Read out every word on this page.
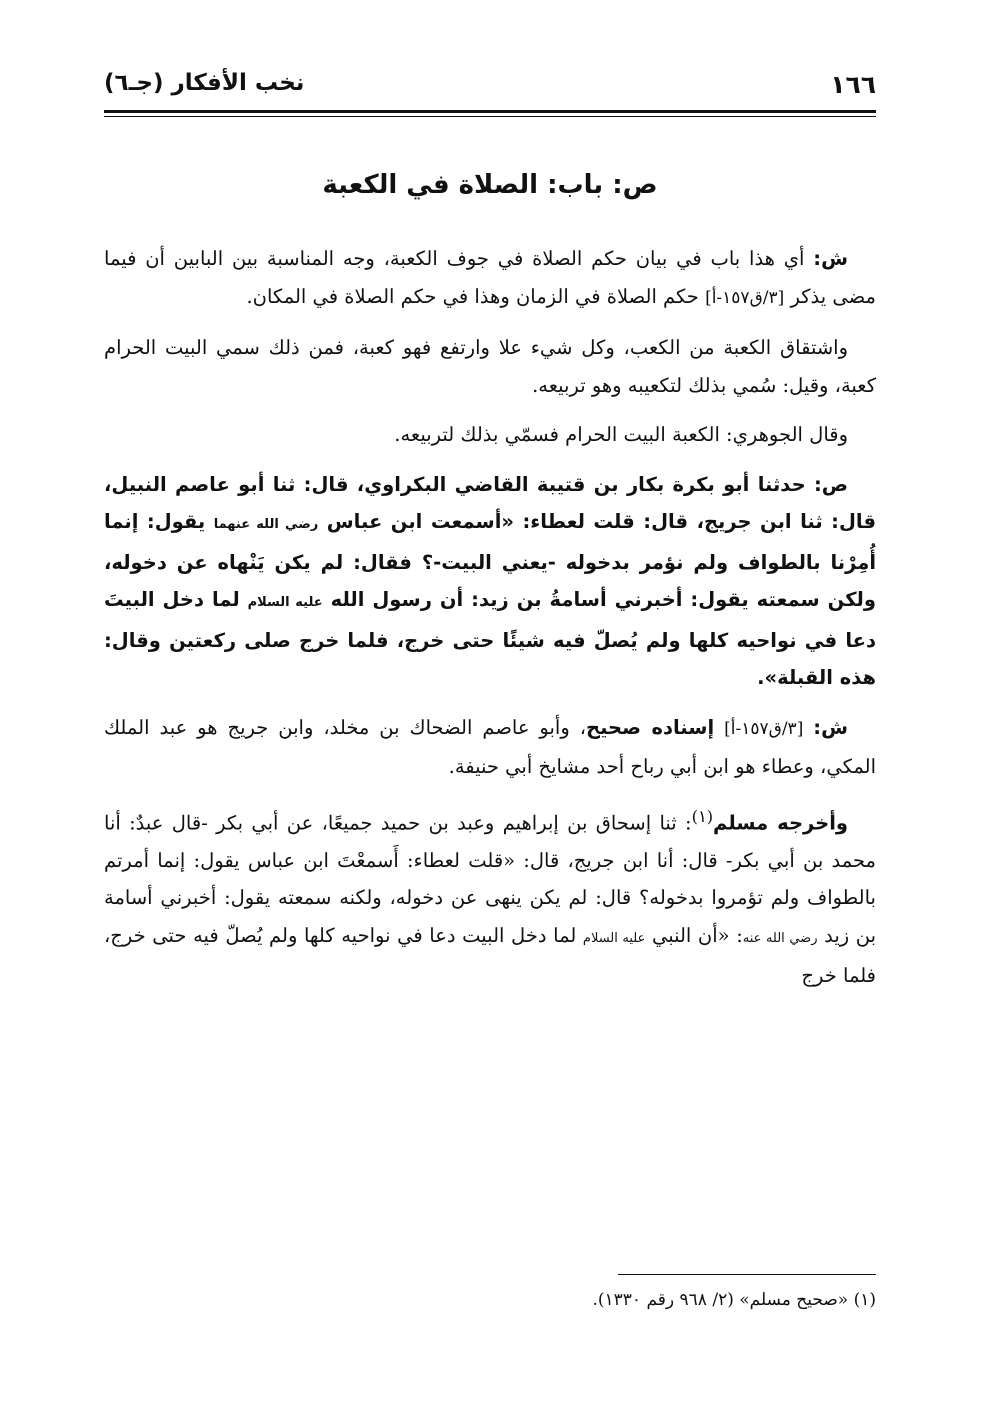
١٦٦
نخب الأفكار (جـ٦)
ص: باب: الصلاة في الكعبة

ش: أي هذا باب في بيان حكم الصلاة في جوف الكعبة، وجه المناسبة بين البابين أن فيما مضى يذكر [٣/ق١٥٧-أ] حكم الصلاة في الزمان وهذا في حكم الصلاة في المكان.

واشتقاق الكعبة من الكعب، وكل شيء علا وارتفع فهو كعبة، فمن ذلك سمي البيت الحرام كعبة، وقيل: سُمي بذلك لتكعيبه وهو تربيعه.

وقال الجوهري: الكعبة البيت الحرام فسمّي بذلك لتربيعه.

ص: حدثنا أبو بكرة بكار بن قتيبة القاضي البكراوي، قال: ثنا أبو عاصم النبيل، قال: ثنا ابن جريج، قال: قلت لعطاء: «أسمعت ابن عباس رضي الله عنهما يقول: إنما أُمِرْنا بالطواف ولم نؤمر بدخوله -يعني البيت-؟ فقال: لم يكن يَنْهاه عن دخوله، ولكن سمعته يقول: أخبرني أسامةُ بن زيد: أن رسول الله عليه السلام لما دخل البيتَ دعا في نواحيه كلها ولم يُصلّ فيه شيئًا حتى خرج، فلما خرج صلى ركعتين وقال: هذه القبلة».

ش: [٣/ق١٥٧-أ] إسناده صحيح، وأبو عاصم الضحاك بن مخلد، وابن جريج هو عبد الملك المكي، وعطاء هو ابن أبي رباح أحد مشايخ أبي حنيفة.

وأخرجه مسلم$^{(١)}$: ثنا إسحاق بن إبراهيم وعبد بن حميد جميعًا، عن أبي بكر -قال عبدٌ: أنا محمد بن أبي بكر- قال: أنا ابن جريج، قال: «قلت لعطاء: أَسمعْتَ ابن عباس يقول: إنما أمرتم بالطواف ولم تؤمروا بدخوله؟ قال: لم يكن ينهى عن دخوله، ولكنه سمعته يقول: أخبرني أسامة بن زيد رضي الله عنه: «أن النبي عليه السلام لما دخل البيت دعا في نواحيه كلها ولم يُصلّ فيه حتى خرج، فلما خرج

(١) «صحيح مسلم» (٢/ ٩٦٨ رقم ١٣٣٠).
